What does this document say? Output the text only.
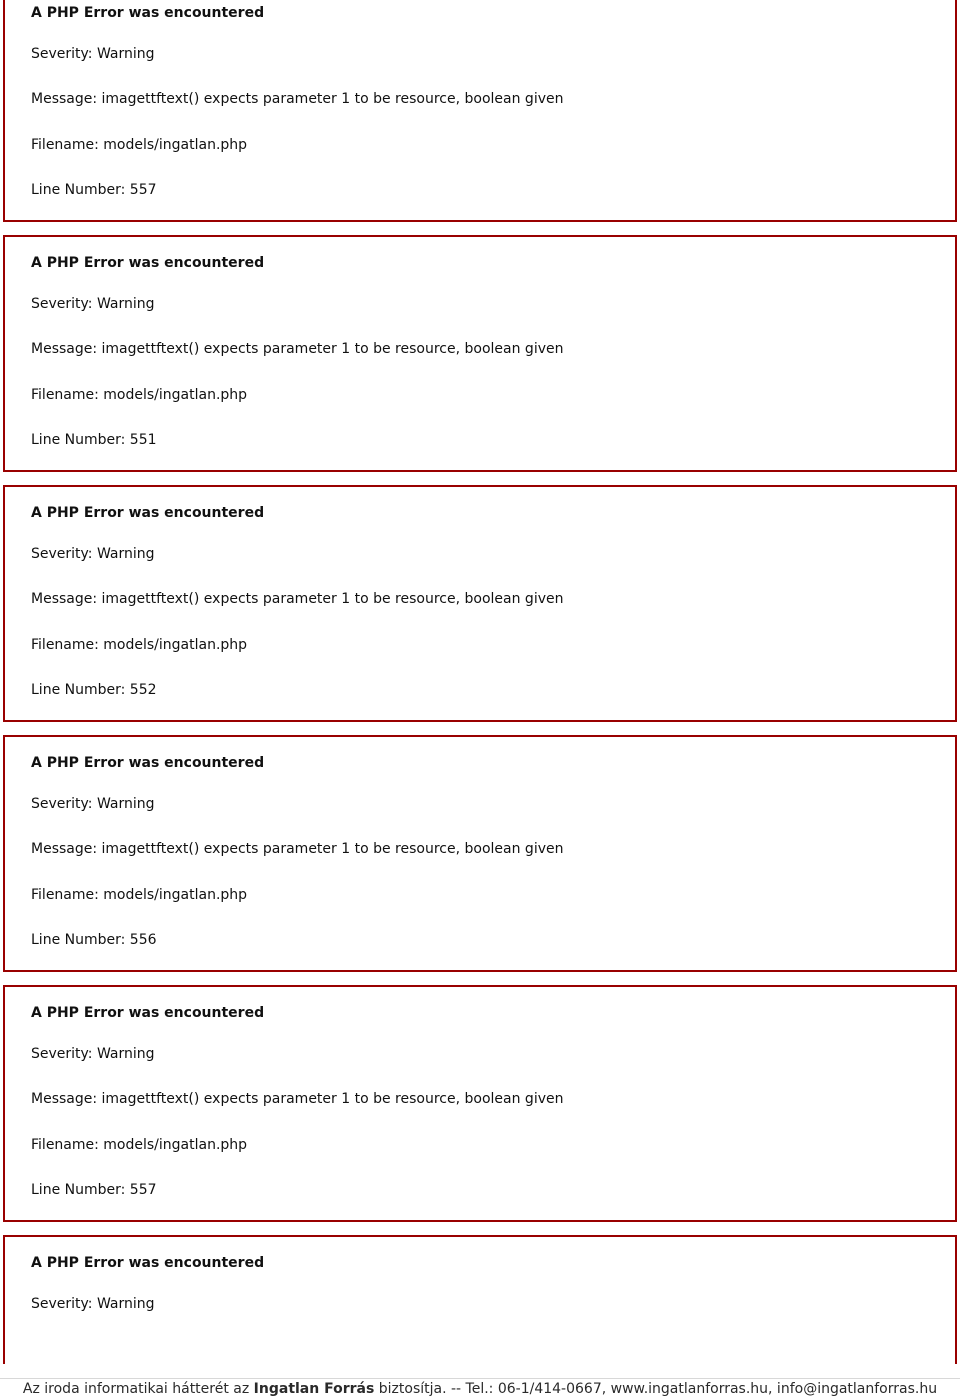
A PHP Error was encountered

Severity: Warning

Message: imagettftext() expects parameter 1 to be resource, boolean given

Filename: models/ingatlan.php

Line Number: 557

A PHP Error was encountered

Severity: Warning

Message: imagettftext() expects parameter 1 to be resource, boolean given

Filename: models/ingatlan.php

Line Number: 551

A PHP Error was encountered

Severity: Warning

Message: imagettftext() expects parameter 1 to be resource, boolean given

Filename: models/ingatlan.php

Line Number: 552

A PHP Error was encountered

Severity: Warning

Message: imagettftext() expects parameter 1 to be resource, boolean given

Filename: models/ingatlan.php

Line Number: 556

A PHP Error was encountered

Severity: Warning

Message: imagettftext() expects parameter 1 to be resource, boolean given

Filename: models/ingatlan.php

Line Number: 557

A PHP Error was encountered

Severity: Warning

Az iroda informatikai hátterét az Ingatlan Forrás biztosítja. -- Tel.: 06-1/414-0667, www.ingatlanforras.hu, info@ingatlanforras.hu
